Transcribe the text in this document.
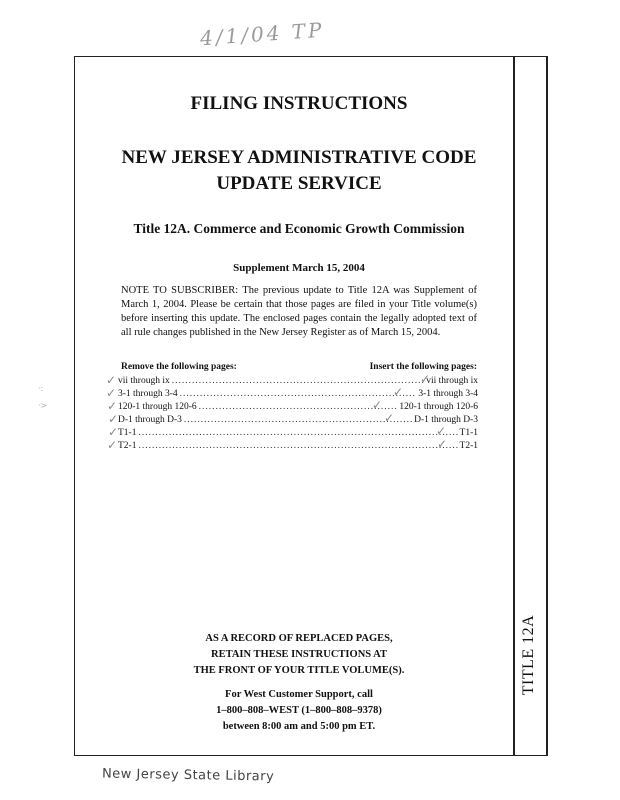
4/1/04 TP
TITLE 12A
FILING INSTRUCTIONS
NEW JERSEY ADMINISTRATIVE CODE
UPDATE SERVICE
Title 12A. Commerce and Economic Growth Commission
Supplement March 15, 2004
NOTE TO SUBSCRIBER: The previous update to Title 12A was Supplement of March 1, 2004. Please be certain that those pages are filed in your Title volume(s) before inserting this update. The enclosed pages contain the legally adopted text of all rule changes published in the New Jersey Register as of March 15, 2004.
Remove the following pages:	Insert the following pages:
vii through ix .....	vii through ix
3-1 through 3-4 .....	3-1 through 3-4
120-1 through 120-6 .....	120-1 through 120-6
D-1 through D-3 .....	D-1 through D-3
T1-1 .....	T1-1
T2-1 .....	T2-1
✓
✓
✓
✓
✓
✓
✓
✓
✓
✓
✓
✓
·:
·>
AS A RECORD OF REPLACED PAGES,
RETAIN THESE INSTRUCTIONS AT
THE FRONT OF YOUR TITLE VOLUME(S).
For West Customer Support, call
1–800–808–WEST (1–800–808–9378)
between 8:00 am and 5:00 pm ET.
New Jersey State Library
